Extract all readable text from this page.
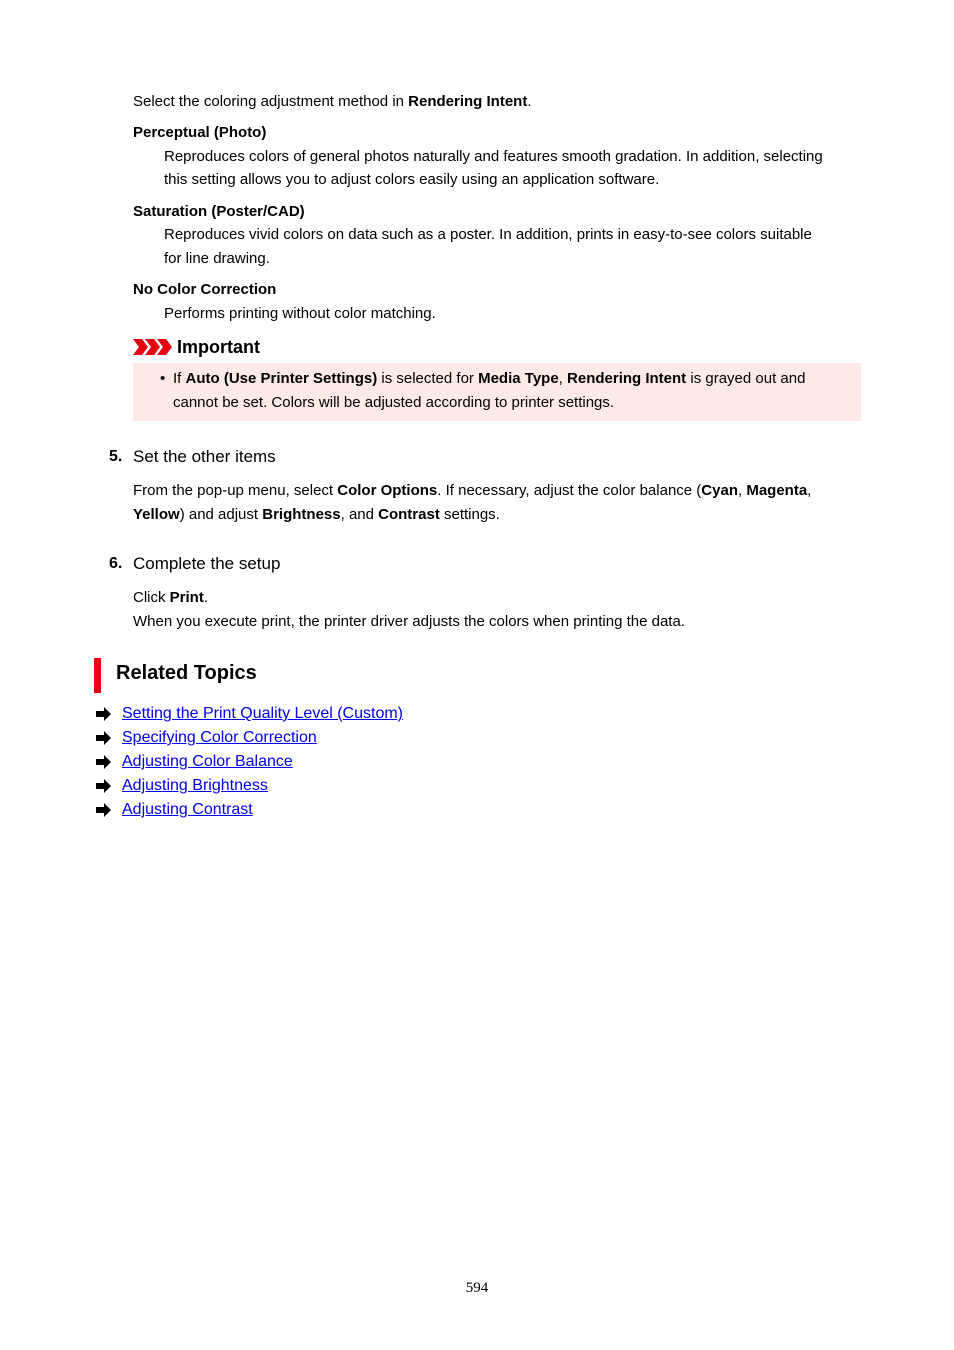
Select the coloring adjustment method in Rendering Intent.
Perceptual (Photo)
Reproduces colors of general photos naturally and features smooth gradation. In addition, selecting
this setting allows you to adjust colors easily using an application software.
Saturation (Poster/CAD)
Reproduces vivid colors on data such as a poster. In addition, prints in easy-to-see colors suitable
for line drawing.
No Color Correction
Performs printing without color matching.
Important
• If Auto (Use Printer Settings) is selected for Media Type, Rendering Intent is grayed out and
cannot be set. Colors will be adjusted according to printer settings.
5. Set the other items
From the pop-up menu, select Color Options. If necessary, adjust the color balance (Cyan, Magenta,
Yellow) and adjust Brightness, and Contrast settings.
6. Complete the setup
Click Print.
When you execute print, the printer driver adjusts the colors when printing the data.
Related Topics
Setting the Print Quality Level (Custom)
Specifying Color Correction
Adjusting Color Balance
Adjusting Brightness
Adjusting Contrast
594
